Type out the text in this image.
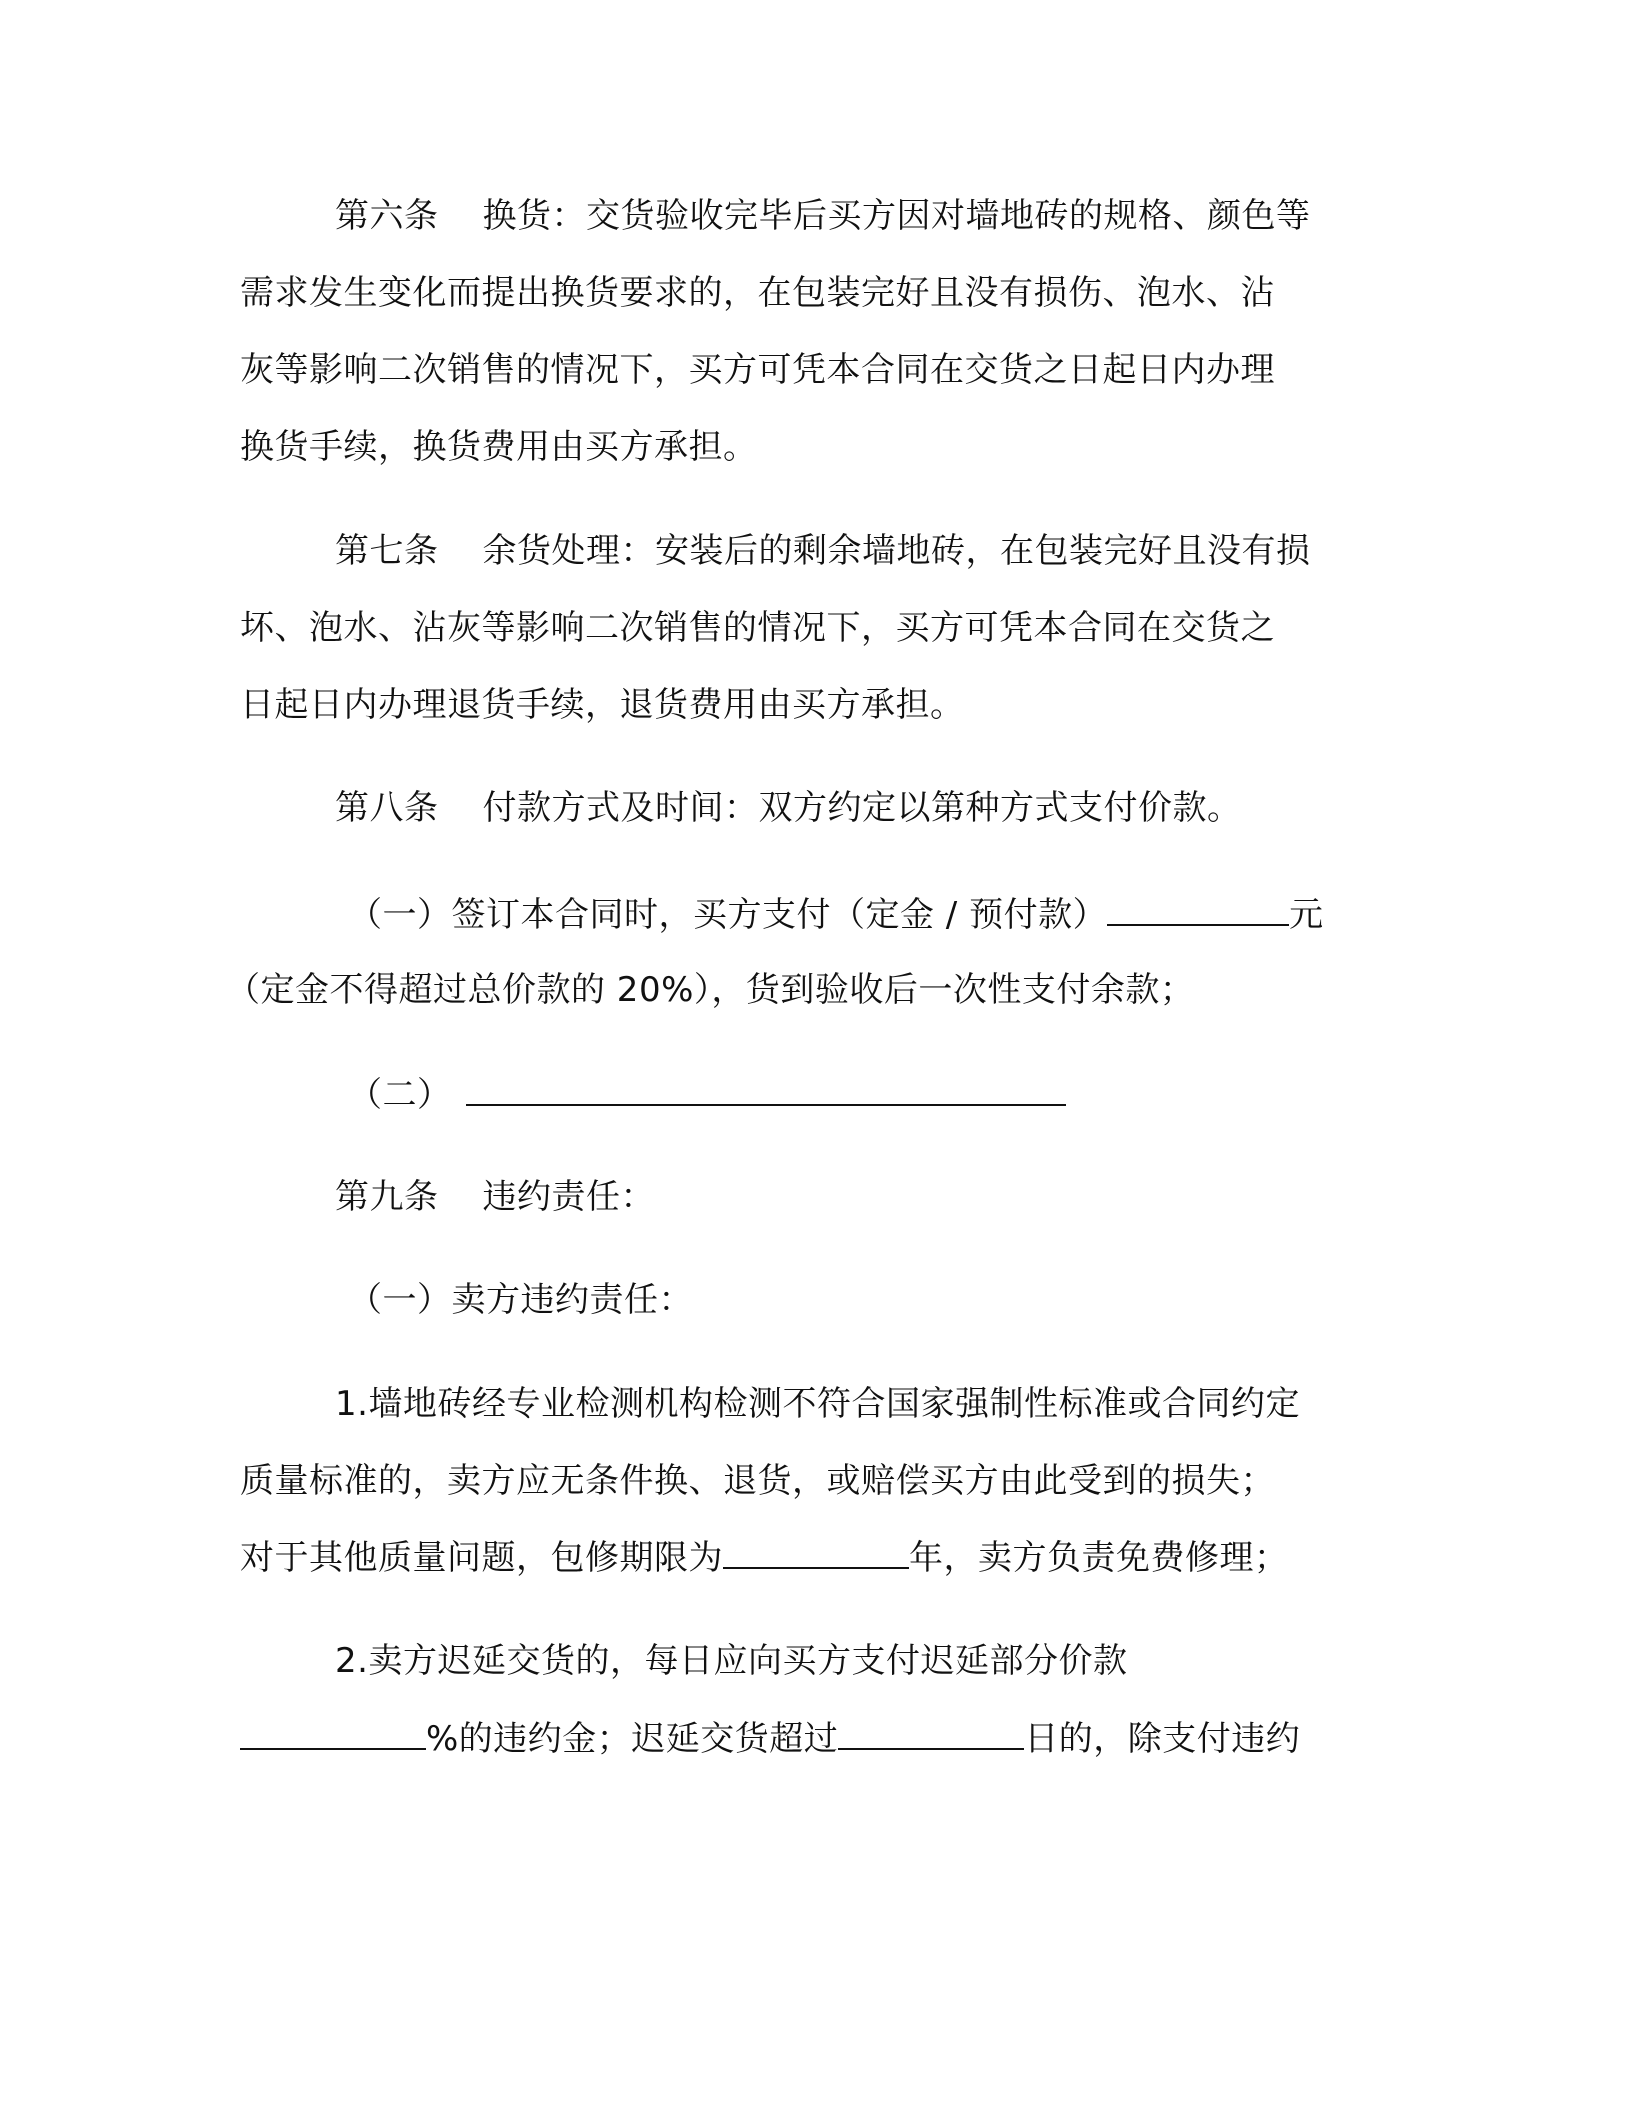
第六条 换货：交货验收完毕后买方因对墙地砖的规格、颜色等
需求发生变化而提出换货要求的，在包装完好且没有损伤、泡水、沾
灰等影响二次销售的情况下，买方可凭本合同在交货之日起日内办理
换货手续，换货费用由买方承担。
第七条 余货处理：安装后的剩余墙地砖，在包装完好且没有损
坏、泡水、沾灰等影响二次销售的情况下，买方可凭本合同在交货之
日起日内办理退货手续，退货费用由买方承担。
第八条 付款方式及时间：双方约定以第种方式支付价款。
（一）签订本合同时，买方支付（定金 / 预付款）	元
（定金不得超过总价款的 20%），货到验收后一次性支付余款；
（二）
第九条 违约责任：
（一）卖方违约责任：
1.墙地砖经专业检测机构检测不符合国家强制性标准或合同约定
质量标准的，卖方应无条件换、退货，或赔偿买方由此受到的损失；
对于其他质量问题，包修期限为	年，卖方负责免费修理；
2.卖方迟延交货的，每日应向买方支付迟延部分价款
%的违约金；迟延交货超过	日的，除支付违约
